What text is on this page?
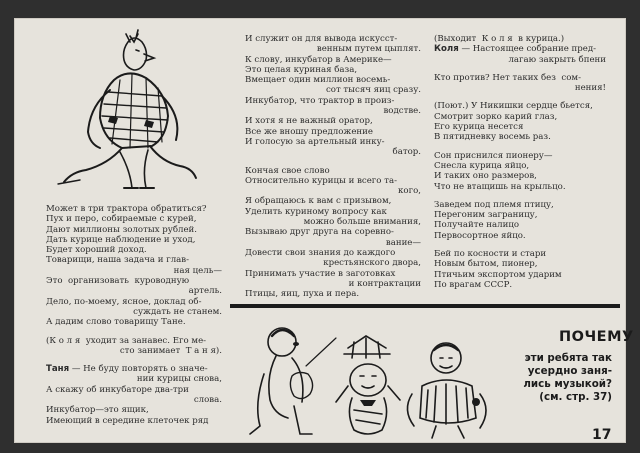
Может в три трактора обратиться?

Пух и перо, собираемые с курей,

Дают миллионы золотых рублей.

Дать курице наблюдение и уход,

Будет хороший доход.

Товарищи, наша задача и глав-

ная цель—

Это  организовать  куроводную

артель.

Дело, по-моему, ясное, доклад об-

суждать не станем.

А дадим слово товарищу Тане.

(К о л я  уходит за занавес. Его ме-

сто занимает  Т а н я).

Таня — Не буду повторять о значе-

нии курицы снова,

А скажу об инкубаторе два-три

слова.

Инкубатор—это ящик,

Имеющий в середине клеточек ряд

И служит он для вывода искусст-

венным путем цыплят.

К слову, инкубатор в Америке—

Это целая куриная база,

Вмещает один миллион восемь-

сот тысяч яиц сразу.

Инкубатор, что трактор в произ-

водстве.

И хотя я не важный оратор,

Все же вношу предложение

И голосую за артельный инку-

батор.

Кончая свое слово

Относительно курицы и всего та-

кого,

Я обращаюсь к вам с призывом,

Уделить куриному вопросу как

можно больше внимания,

Вызываю друг друга на соревно-

вание—

Довести свои знания до каждого

крестьянского двора,

Принимать участие в заготовках

и контрактации

Птицы, яиц, пуха и пера.

(Выходит  К о л я  в курица.)

Коля — Настоящее собрание пред-

лагаю закрыть бпени

Кто против? Нет таких без  сом-

нения!

(Поют.) У Никишки сердце бьется,

Смотрит зорко карий глаз,

Его курица несется

В пятидневку восемь раз.

Сон приснился пионеру—

Снесла курица яйцо,

И таких оно размеров,

Что не втащишь на крыльцо.

Заведем под племя птицу,

Перегоним заграницу,

Получайте налицо

Первосортное яйцо.

Бей по косности и стари

Новым бытом, пионер,

Птичьим экспортом ударим

По врагам СССР.

ПОЧЕМУ

эти ребята так

усердно заня-

лись музыкой?

(см. стр. 37)

17
